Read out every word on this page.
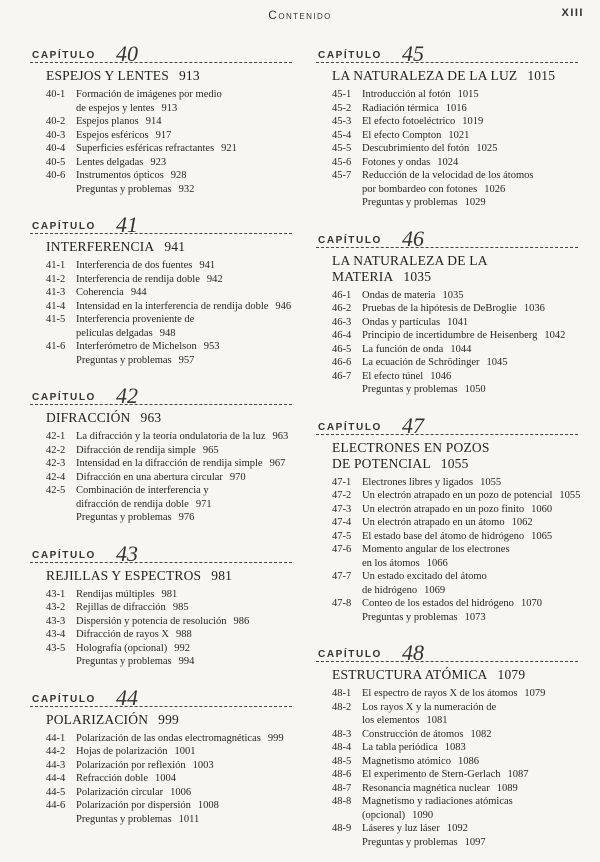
Contenido	XIII
CAPÍTULO 40
ESPEJOS Y LENTES 913
40-1 Formación de imágenes por medio
de espejos y lentes 913
40-2 Espejos planos 914
40-3 Espejos esféricos 917
40-4 Superficies esféricas refractantes 921
40-5 Lentes delgadas 923
40-6 Instrumentos ópticos 928
Preguntas y problemas 932
CAPÍTULO 41
INTERFERENCIA 941
41-1 Interferencia de dos fuentes 941
41-2 Interferencia de rendija doble 942
41-3 Coherencia 944
41-4 Intensidad en la interferencia de rendija doble 946
41-5 Interferencia proveniente de
películas delgadas 948
41-6 Interferómetro de Michelson 953
Preguntas y problemas 957
CAPÍTULO 42
DIFRACCIÓN 963
42-1 La difracción y la teoría ondulatoria de la luz 963
42-2 Difracción de rendija simple 965
42-3 Intensidad en la difracción de rendija simple 967
42-4 Difracción en una abertura circular 970
42-5 Combinación de interferencia y
difracción de rendija doble 971
Preguntas y problemas 976
CAPÍTULO 43
REJILLAS Y ESPECTROS 981
43-1 Rendijas múltiples 981
43-2 Rejillas de difracción 985
43-3 Dispersión y potencia de resolución 986
43-4 Difracción de rayos X 988
43-5 Holografía (opcional) 992
Preguntas y problemas 994
CAPÍTULO 44
POLARIZACIÓN 999
44-1 Polarización de las ondas electromagnéticas 999
44-2 Hojas de polarización 1001
44-3 Polarización por reflexión 1003
44-4 Refracción doble 1004
44-5 Polarización circular 1006
44-6 Polarización por dispersión 1008
Preguntas y problemas 1011
CAPÍTULO 45
LA NATURALEZA DE LA LUZ 1015
45-1 Introducción al fotón 1015
45-2 Radiación térmica 1016
45-3 El efecto fotoeléctrico 1019
45-4 El efecto Compton 1021
45-5 Descubrimiento del fotón 1025
45-6 Fotones y ondas 1024
45-7 Reducción de la velocidad de los átomos
por bombardeo con fotones 1026
Preguntas y problemas 1029
CAPÍTULO 46
LA NATURALEZA DE LA MATERIA 1035
46-1 Ondas de materia 1035
46-2 Pruebas de la hipótesis de DeBroglie 1036
46-3 Ondas y partículas 1041
46-4 Principio de incertidumbre de Heisenberg 1042
46-5 La función de onda 1044
46-6 La ecuación de Schrödinger 1045
46-7 El efecto túnel 1046
Preguntas y problemas 1050
CAPÍTULO 47
ELECTRONES EN POZOS
DE POTENCIAL 1055
47-1 Electrones libres y ligados 1055
47-2 Un electrón atrapado en un pozo de potencial 1055
47-3 Un electrón atrapado en un pozo finito 1060
47-4 Un electrón atrapado en un átomo 1062
47-5 El estado base del átomo de hidrógeno 1065
47-6 Momento angular de los electrones
en los átomos 1066
47-7 Un estado excitado del átomo
de hidrógeno 1069
47-8 Conteo de los estados del hidrógeno 1070
Preguntas y problemas 1073
CAPÍTULO 48
ESTRUCTURA ATÓMICA 1079
48-1 El espectro de rayos X de los átomos 1079
48-2 Los rayos X y la numeración de
los elementos 1081
48-3 Construcción de átomos 1082
48-4 La tabla periódica 1083
48-5 Magnetismo atómico 1086
48-6 El experimento de Stern-Gerlach 1087
48-7 Resonancia magnética nuclear 1089
48-8 Magnetismo y radiaciones atómicas
(opcional) 1090
48-9 Láseres y luz láser 1092
Preguntas y problemas 1097
